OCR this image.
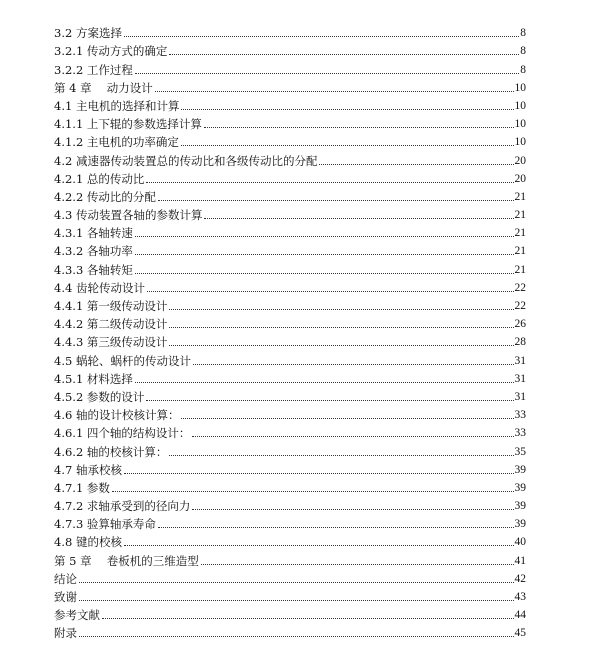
3.2 方案选择	8
3.2.1 传动方式的确定	8
3.2.2 工作过程	8
第 4 章　 动力设计	10
4.1 主电机的选择和计算	10
4.1.1 上下辊的参数选择计算	10
4.1.2 主电机的功率确定	10
4.2 减速器传动装置总的传动比和各级传动比的分配	20
4.2.1 总的传动比	20
4.2.2 传动比的分配	21
4.3 传动装置各轴的参数计算	21
4.3.1 各轴转速	21
4.3.2 各轴功率	21
4.3.3 各轴转矩	21
4.4 齿轮传动设计	22
4.4.1 第一级传动设计	22
4.4.2 第二级传动设计	26
4.4.3 第三级传动设计	28
4.5 蜗轮、蜗杆的传动设计	31
4.5.1 材料选择	31
4.5.2 参数的设计	31
4.6 轴的设计校核计算：	33
4.6.1 四个轴的结构设计：	33
4.6.2 轴的校核计算：	35
4.7 轴承校核	39
4.7.1 参数	39
4.7.2 求轴承受到的径向力	39
4.7.3 验算轴承寿命	39
4.8 键的校核	40
第 5 章　 卷板机的三维造型	41
结论	42
致谢	43
参考文献	44
附录	45
